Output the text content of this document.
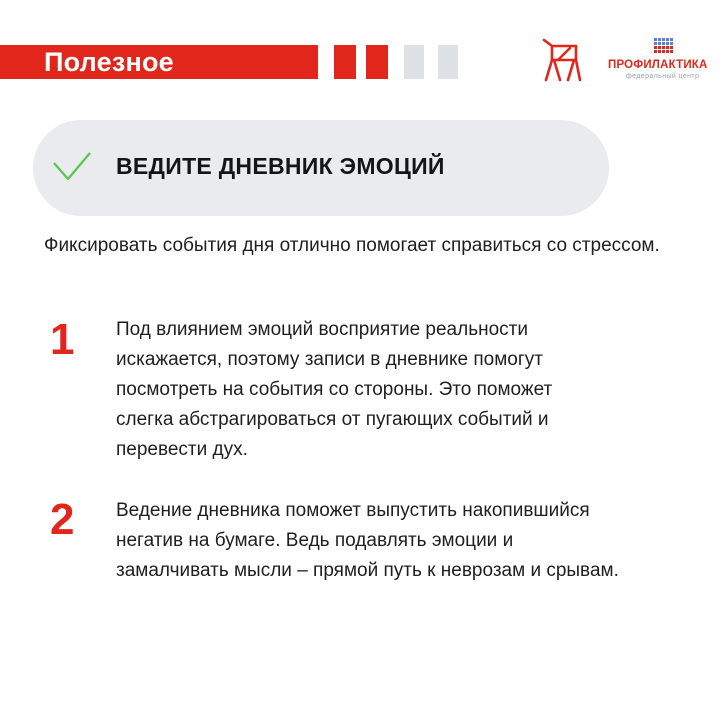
Полезное	ПРОФИЛАКТИКА
федеральный центр
ВЕДИТЕ ДНЕВНИК ЭМОЦИЙ
Фиксировать события дня отлично помогает справиться со стрессом.
1 Под влиянием эмоций восприятие реальности
искажается, поэтому записи в дневнике помогут
посмотреть на события со стороны. Это поможет
слегка абстрагироваться от пугающих событий и
перевести дух.
2 Ведение дневника поможет выпустить накопившийся
негатив на бумаге. Ведь подавлять эмоции и
замалчивать мысли – прямой путь к неврозам и срывам.
